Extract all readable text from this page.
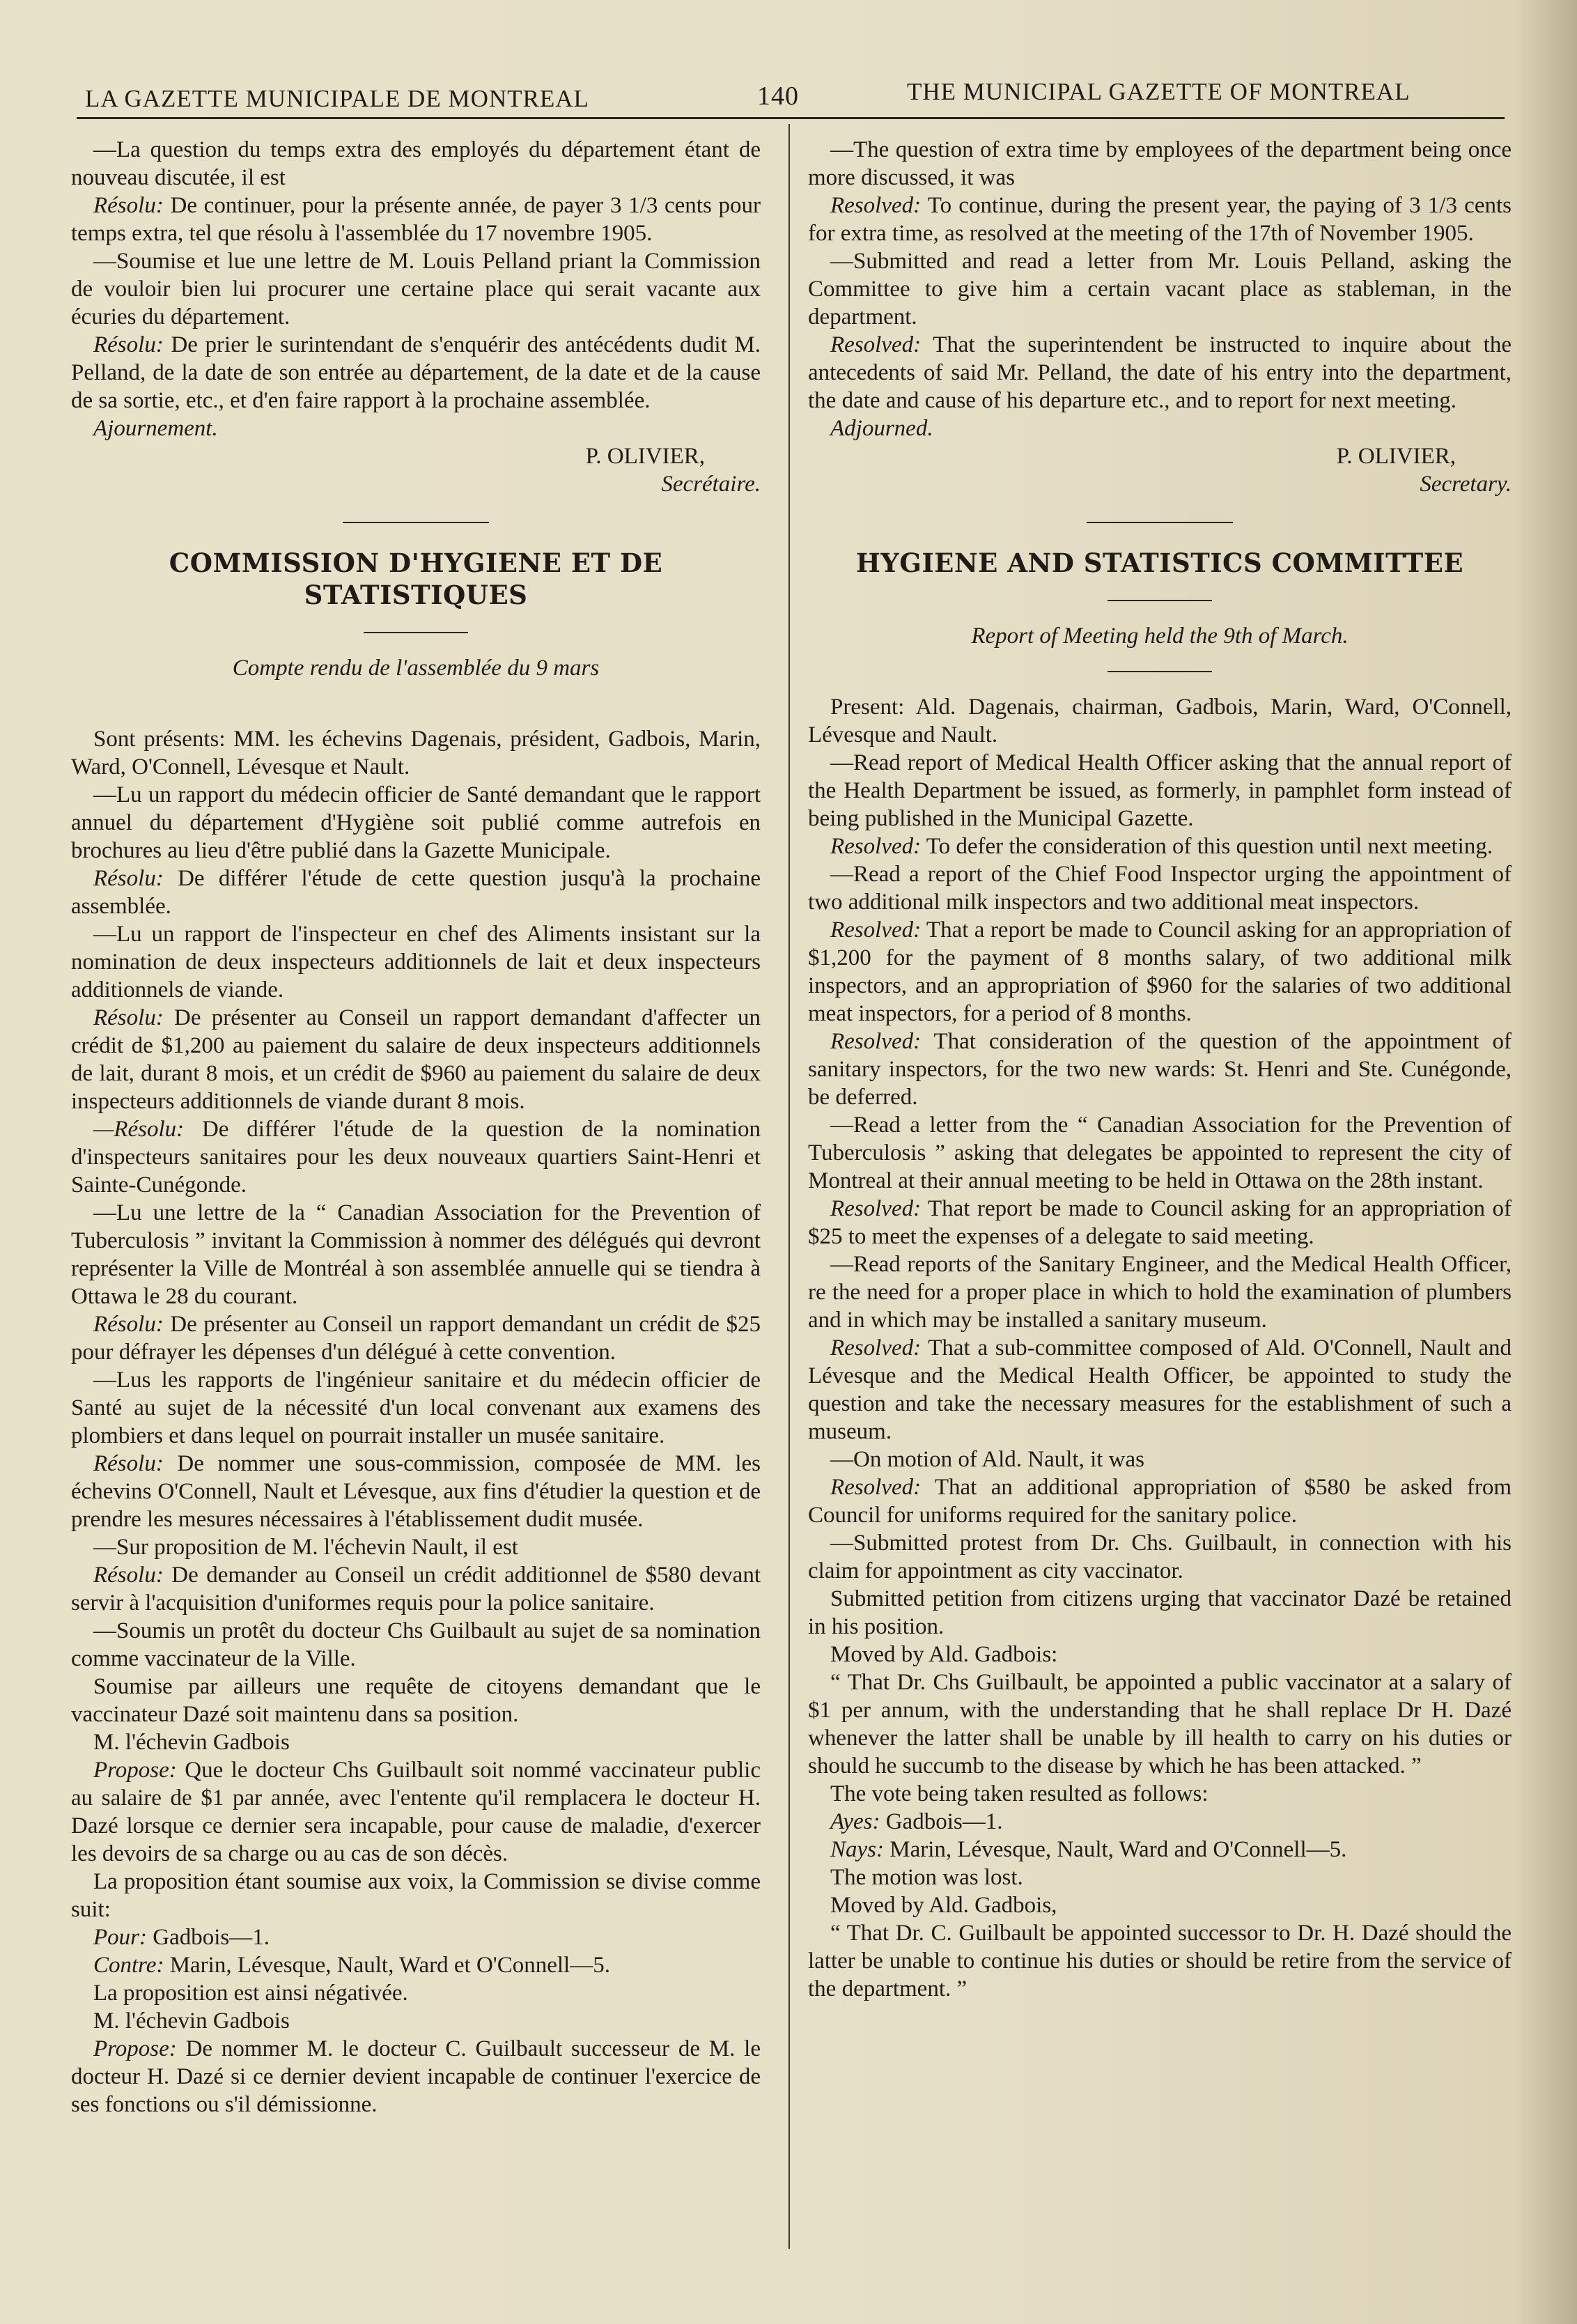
LA GAZETTE MUNICIPALE DE MONTREAL	140	THE MUNICIPAL GAZETTE OF MONTREAL

—La question du temps extra des employés du département étant de nouveau discutée, il est

Résolu: De continuer, pour la présente année, de payer 3 1/3 cents pour temps extra, tel que résolu à l'assemblée du 17 novembre 1905.

—Soumise et lue une lettre de M. Louis Pelland priant la Commission de vouloir bien lui procurer une certaine place qui serait vacante aux écuries du département.

Résolu: De prier le surintendant de s'enquérir des antécédents dudit M. Pelland, de la date de son entrée au département, de la date et de la cause de sa sortie, etc., et d'en faire rapport à la prochaine assemblée.

Ajournement.

P. OLIVIER,

Secrétaire.

COMMISSION D'HYGIENE ET DE STATISTIQUES

Compte rendu de l'assemblée du 9 mars

Sont présents: MM. les échevins Dagenais, président, Gadbois, Marin, Ward, O'Connell, Lévesque et Nault.

—Lu un rapport du médecin officier de Santé demandant que le rapport annuel du département d'Hygiène soit publié comme autrefois en brochures au lieu d'être publié dans la Gazette Municipale.

Résolu: De différer l'étude de cette question jusqu'à la prochaine assemblée.

—Lu un rapport de l'inspecteur en chef des Aliments insistant sur la nomination de deux inspecteurs additionnels de lait et deux inspecteurs additionnels de viande.

Résolu: De présenter au Conseil un rapport demandant d'affecter un crédit de $1,200 au paiement du salaire de deux inspecteurs additionnels de lait, durant 8 mois, et un crédit de $960 au paiement du salaire de deux inspecteurs additionnels de viande durant 8 mois.

—Résolu: De différer l'étude de la question de la nomination d'inspecteurs sanitaires pour les deux nouveaux quartiers Saint-Henri et Sainte-Cunégonde.

—Lu une lettre de la “ Canadian Association for the Prevention of Tuberculosis ” invitant la Commission à nommer des délégués qui devront représenter la Ville de Montréal à son assemblée annuelle qui se tiendra à Ottawa le 28 du courant.

Résolu: De présenter au Conseil un rapport demandant un crédit de $25 pour défrayer les dépenses d'un délégué à cette convention.

—Lus les rapports de l'ingénieur sanitaire et du médecin officier de Santé au sujet de la nécessité d'un local convenant aux examens des plombiers et dans lequel on pourrait installer un musée sanitaire.

Résolu: De nommer une sous-commission, composée de MM. les échevins O'Connell, Nault et Lévesque, aux fins d'étudier la question et de prendre les mesures nécessaires à l'établissement dudit musée.

—Sur proposition de M. l'échevin Nault, il est

Résolu: De demander au Conseil un crédit additionnel de $580 devant servir à l'acquisition d'uniformes requis pour la police sanitaire.

—Soumis un protêt du docteur Chs Guilbault au sujet de sa nomination comme vaccinateur de la Ville.

Soumise par ailleurs une requête de citoyens demandant que le vaccinateur Dazé soit maintenu dans sa position.

M. l'échevin Gadbois

Propose: Que le docteur Chs Guilbault soit nommé vaccinateur public au salaire de $1 par année, avec l'entente qu'il remplacera le docteur H. Dazé lorsque ce dernier sera incapable, pour cause de maladie, d'exercer les devoirs de sa charge ou au cas de son décès.

La proposition étant soumise aux voix, la Commission se divise comme suit:

Pour: Gadbois—1.

Contre: Marin, Lévesque, Nault, Ward et O'Connell—5.

La proposition est ainsi négativée.

M. l'échevin Gadbois

Propose: De nommer M. le docteur C. Guilbault successeur de M. le docteur H. Dazé si ce dernier devient incapable de continuer l'exercice de ses fonctions ou s'il démissionne.

—The question of extra time by employees of the department being once more discussed, it was

Resolved: To continue, during the present year, the paying of 3 1/3 cents for extra time, as resolved at the meeting of the 17th of November 1905.

—Submitted and read a letter from Mr. Louis Pelland, asking the Committee to give him a certain vacant place as stableman, in the department.

Resolved: That the superintendent be instructed to inquire about the antecedents of said Mr. Pelland, the date of his entry into the department, the date and cause of his departure etc., and to report for next meeting.

Adjourned.

P. OLIVIER,

Secretary.

HYGIENE AND STATISTICS COMMITTEE

Report of Meeting held the 9th of March.

Present: Ald. Dagenais, chairman, Gadbois, Marin, Ward, O'Connell, Lévesque and Nault.

—Read report of Medical Health Officer asking that the annual report of the Health Department be issued, as formerly, in pamphlet form instead of being published in the Municipal Gazette.

Resolved: To defer the consideration of this question until next meeting.

—Read a report of the Chief Food Inspector urging the appointment of two additional milk inspectors and two additional meat inspectors.

Resolved: That a report be made to Council asking for an appropriation of $1,200 for the payment of 8 months salary, of two additional milk inspectors, and an appropriation of $960 for the salaries of two additional meat inspectors, for a period of 8 months.

Resolved: That consideration of the question of the appointment of sanitary inspectors, for the two new wards: St. Henri and Ste. Cunégonde, be deferred.

—Read a letter from the “ Canadian Association for the Prevention of Tuberculosis ” asking that delegates be appointed to represent the city of Montreal at their annual meeting to be held in Ottawa on the 28th instant.

Resolved: That report be made to Council asking for an appropriation of $25 to meet the expenses of a delegate to said meeting.

—Read reports of the Sanitary Engineer, and the Medical Health Officer, re the need for a proper place in which to hold the examination of plumbers and in which may be installed a sanitary museum.

Resolved: That a sub-committee composed of Ald. O'Connell, Nault and Lévesque and the Medical Health Officer, be appointed to study the question and take the necessary measures for the establishment of such a museum.

—On motion of Ald. Nault, it was

Resolved: That an additional appropriation of $580 be asked from Council for uniforms required for the sanitary police.

—Submitted protest from Dr. Chs. Guilbault, in connection with his claim for appointment as city vaccinator.

Submitted petition from citizens urging that vaccinator Dazé be retained in his position.

Moved by Ald. Gadbois:

“ That Dr. Chs Guilbault, be appointed a public vaccinator at a salary of $1 per annum, with the understanding that he shall replace Dr H. Dazé whenever the latter shall be unable by ill health to carry on his duties or should he succumb to the disease by which he has been attacked. ”

The vote being taken resulted as follows:

Ayes: Gadbois—1.

Nays: Marin, Lévesque, Nault, Ward and O'Connell—5.

The motion was lost.

Moved by Ald. Gadbois,

“ That Dr. C. Guilbault be appointed successor to Dr. H. Dazé should the latter be unable to continue his duties or should be retire from the service of the department. ”
